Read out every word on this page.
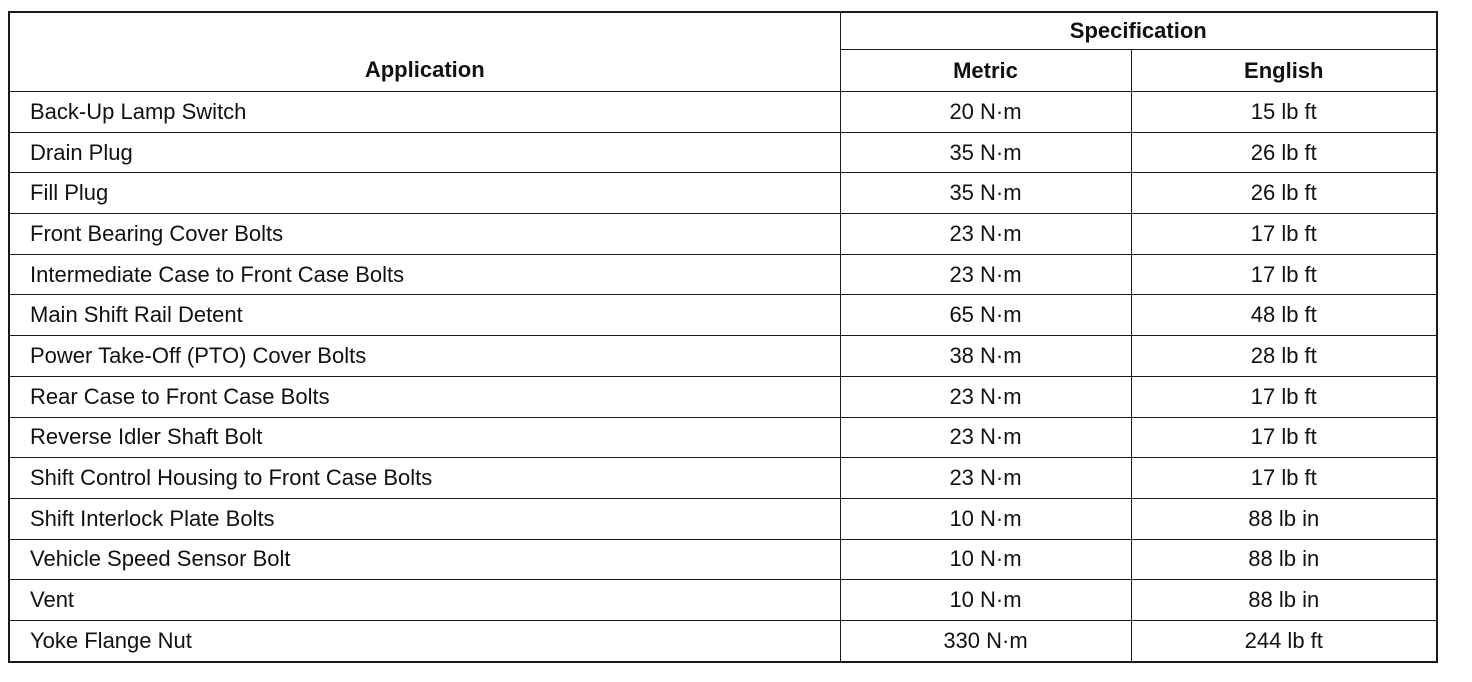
Application	Specification	
	Metric	English
Back-Up Lamp Switch	20 N·m	15 lb ft
Drain Plug	35 N·m	26 lb ft
Fill Plug	35 N·m	26 lb ft
Front Bearing Cover Bolts	23 N·m	17 lb ft
Intermediate Case to Front Case Bolts	23 N·m	17 lb ft
Main Shift Rail Detent	65 N·m	48 lb ft
Power Take-Off (PTO) Cover Bolts	38 N·m	28 lb ft
Rear Case to Front Case Bolts	23 N·m	17 lb ft
Reverse Idler Shaft Bolt	23 N·m	17 lb ft
Shift Control Housing to Front Case Bolts	23 N·m	17 lb ft
Shift Interlock Plate Bolts	10 N·m	88 lb in
Vehicle Speed Sensor Bolt	10 N·m	88 lb in
Vent	10 N·m	88 lb in
Yoke Flange Nut	330 N·m	244 lb ft
